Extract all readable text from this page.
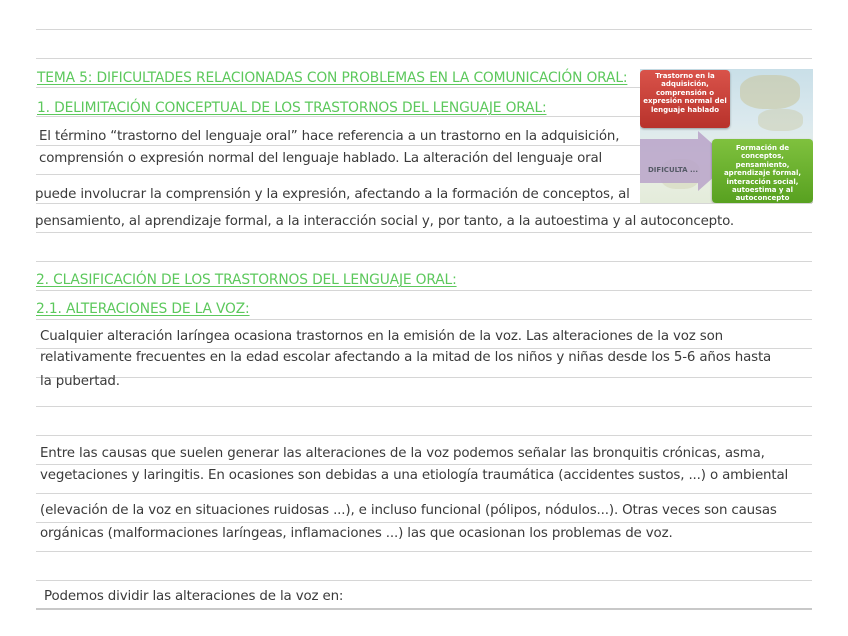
TEMA 5: DIFICULTADES RELACIONADAS CON PROBLEMAS EN LA COMUNICACIÓN ORAL:
1. DELIMITACIÓN CONCEPTUAL DE LOS TRASTORNOS DEL LENGUAJE ORAL:
El término “trastorno del lenguaje oral” hace referencia a un trastorno en la adquisición,
comprensión o expresión normal del lenguaje hablado. La alteración del lenguaje oral
puede involucrar la comprensión y la expresión, afectando a la formación de conceptos, al
pensamiento, al aprendizaje formal, a la interacción social y, por tanto, a la autoestima y al autoconcepto.
2. CLASIFICACIÓN DE LOS TRASTORNOS DEL LENGUAJE ORAL:
2.1. ALTERACIONES DE LA VOZ:
Cualquier alteración laríngea ocasiona trastornos en la emisión de la voz. Las alteraciones de la voz son
relativamente frecuentes en la edad escolar afectando a la mitad de los niños y niñas desde los 5-6 años hasta
la pubertad.
Entre las causas que suelen generar las alteraciones de la voz podemos señalar las bronquitis crónicas, asma,
vegetaciones y laringitis. En ocasiones son debidas a una etiología traumática (accidentes sustos, ...) o ambiental
(elevación de la voz en situaciones ruidosas ...), e incluso funcional (pólipos, nódulos...). Otras veces son causas
orgánicas (malformaciones laríngeas, inflamaciones ...) las que ocasionan los problemas de voz.
Podemos dividir las alteraciones de la voz en:
DIFICULTA ...
Trastorno en la adquisición, comprensión o expresión normal del lenguaje hablado
Formación de conceptos, pensamiento, aprendizaje formal, interacción social, autoestima y al autoconcepto
